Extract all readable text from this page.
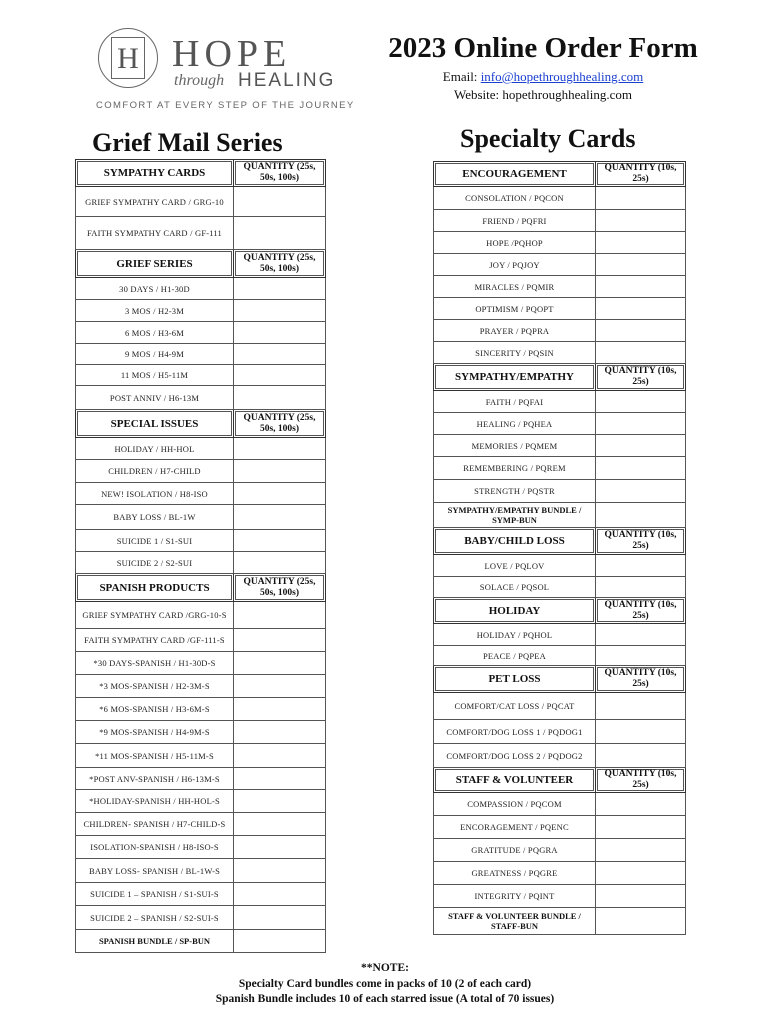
H HOPE
through HEALING
COMFORT AT EVERY STEP OF THE JOURNEY
2023 Online Order Form
Email: info@hopethroughhealing.com
Website: hopethroughhealing.com
Grief Mail Series	Specialty Cards
SYMPATHY CARDS	QUANTITY (25s, 50s, 100s)
GRIEF SYMPATHY CARD / GRG-10	
FAITH SYMPATHY CARD / GF-111	
GRIEF SERIES	QUANTITY (25s, 50s, 100s)
30 DAYS / H1-30D	
3 MOS / H2-3M	
6 MOS / H3-6M	
9 MOS / H4-9M	
11 MOS / H5-11M	
POST ANNIV / H6-13M	
SPECIAL ISSUES	QUANTITY (25s, 50s, 100s)
HOLIDAY / HH-HOL	
CHILDREN / H7-CHILD	
NEW! ISOLATION / H8-ISO	
BABY LOSS / BL-1W	
SUICIDE 1 / S1-SUI	
SUICIDE 2 / S2-SUI	
SPANISH PRODUCTS	QUANTITY (25s, 50s, 100s)
GRIEF SYMPATHY CARD /GRG-10-S	
FAITH SYMPATHY CARD /GF-111-S	
*30 DAYS-SPANISH / H1-30D-S	
*3 MOS-SPANISH / H2-3M-S	
*6 MOS-SPANISH / H3-6M-S	
*9 MOS-SPANISH / H4-9M-S	
*11 MOS-SPANISH / H5-11M-S	
*POST ANV-SPANISH / H6-13M-S	
*HOLIDAY-SPANISH / HH-HOL-S	
CHILDREN- SPANISH / H7-CHILD-S	
ISOLATION-SPANISH / H8-ISO-S	
BABY LOSS- SPANISH / BL-1W-S	
SUICIDE 1 – SPANISH / S1-SUI-S	
SUICIDE 2 – SPANISH / S2-SUI-S	
SPANISH BUNDLE / SP-BUN	
ENCOURAGEMENT	QUANTITY (10s, 25s)
CONSOLATION / PQCON	
FRIEND / PQFRI	
HOPE /PQHOP	
JOY / PQJOY	
MIRACLES / PQMIR	
OPTIMISM / PQOPT	
PRAYER / PQPRA	
SINCERITY / PQSIN	
SYMPATHY/EMPATHY	QUANTITY (10s, 25s)
FAITH / PQFAI	
HEALING / PQHEA	
MEMORIES / PQMEM	
REMEMBERING / PQREM	
STRENGTH / PQSTR	
SYMPATHY/EMPATHY BUNDLE / SYMP-BUN	
BABY/CHILD LOSS	QUANTITY (10s, 25s)
LOVE / PQLOV	
SOLACE / PQSOL	
HOLIDAY	QUANTITY (10s, 25s)
HOLIDAY / PQHOL	
PEACE / PQPEA	
PET LOSS	QUANTITY (10s, 25s)
COMFORT/CAT LOSS / PQCAT	
COMFORT/DOG LOSS 1 / PQDOG1	
COMFORT/DOG LOSS 2 / PQDOG2	
STAFF & VOLUNTEER	QUANTITY (10s, 25s)
COMPASSION / PQCOM	
ENCORAGEMENT / PQENC	
GRATITUDE / PQGRA	
GREATNESS / PQGRE	
INTEGRITY / PQINT	
STAFF & VOLUNTEER BUNDLE / STAFF-BUN	
**NOTE:
Specialty Card bundles come in packs of 10 (2 of each card)
Spanish Bundle includes 10 of each starred issue (A total of 70 issues)
